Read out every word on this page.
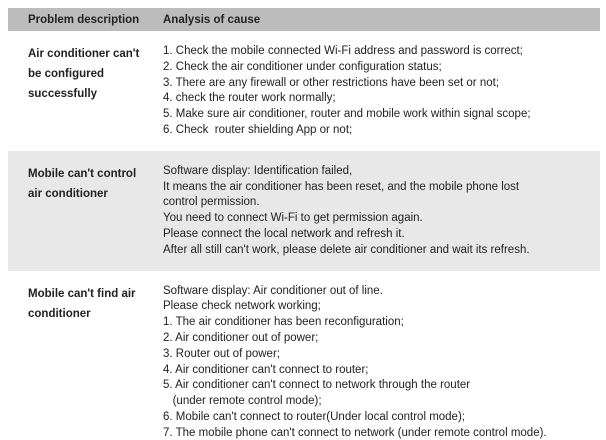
Problem description	Analysis of cause
Air conditioner can't be configured successfully
1. Check the mobile connected Wi-Fi address and password is correct;
2. Check the air conditioner under configuration status;
3. There are any firewall or other restrictions have been set or not;
4. check the router work normally;
5. Make sure air conditioner, router and mobile work within signal scope;
6. Check  router shielding App or not;
Mobile can't control air conditioner
Software display: Identification failed,
It means the air conditioner has been reset, and the mobile phone lost
control permission.
You need to connect Wi-Fi to get permission again.
Please connect the local network and refresh it.
After all still can't work, please delete air conditioner and wait its refresh.
Mobile can't find air conditioner
Software display: Air conditioner out of line.
Please check network working;
1. The air conditioner has been reconfiguration;
2. Air conditioner out of power;
3. Router out of power;
4. Air conditioner can't connect to router;
5. Air conditioner can't connect to network through the router
(under remote control mode);
6. Mobile can't connect to router(Under local control mode);
7. The mobile phone can't connect to network (under remote control mode).
